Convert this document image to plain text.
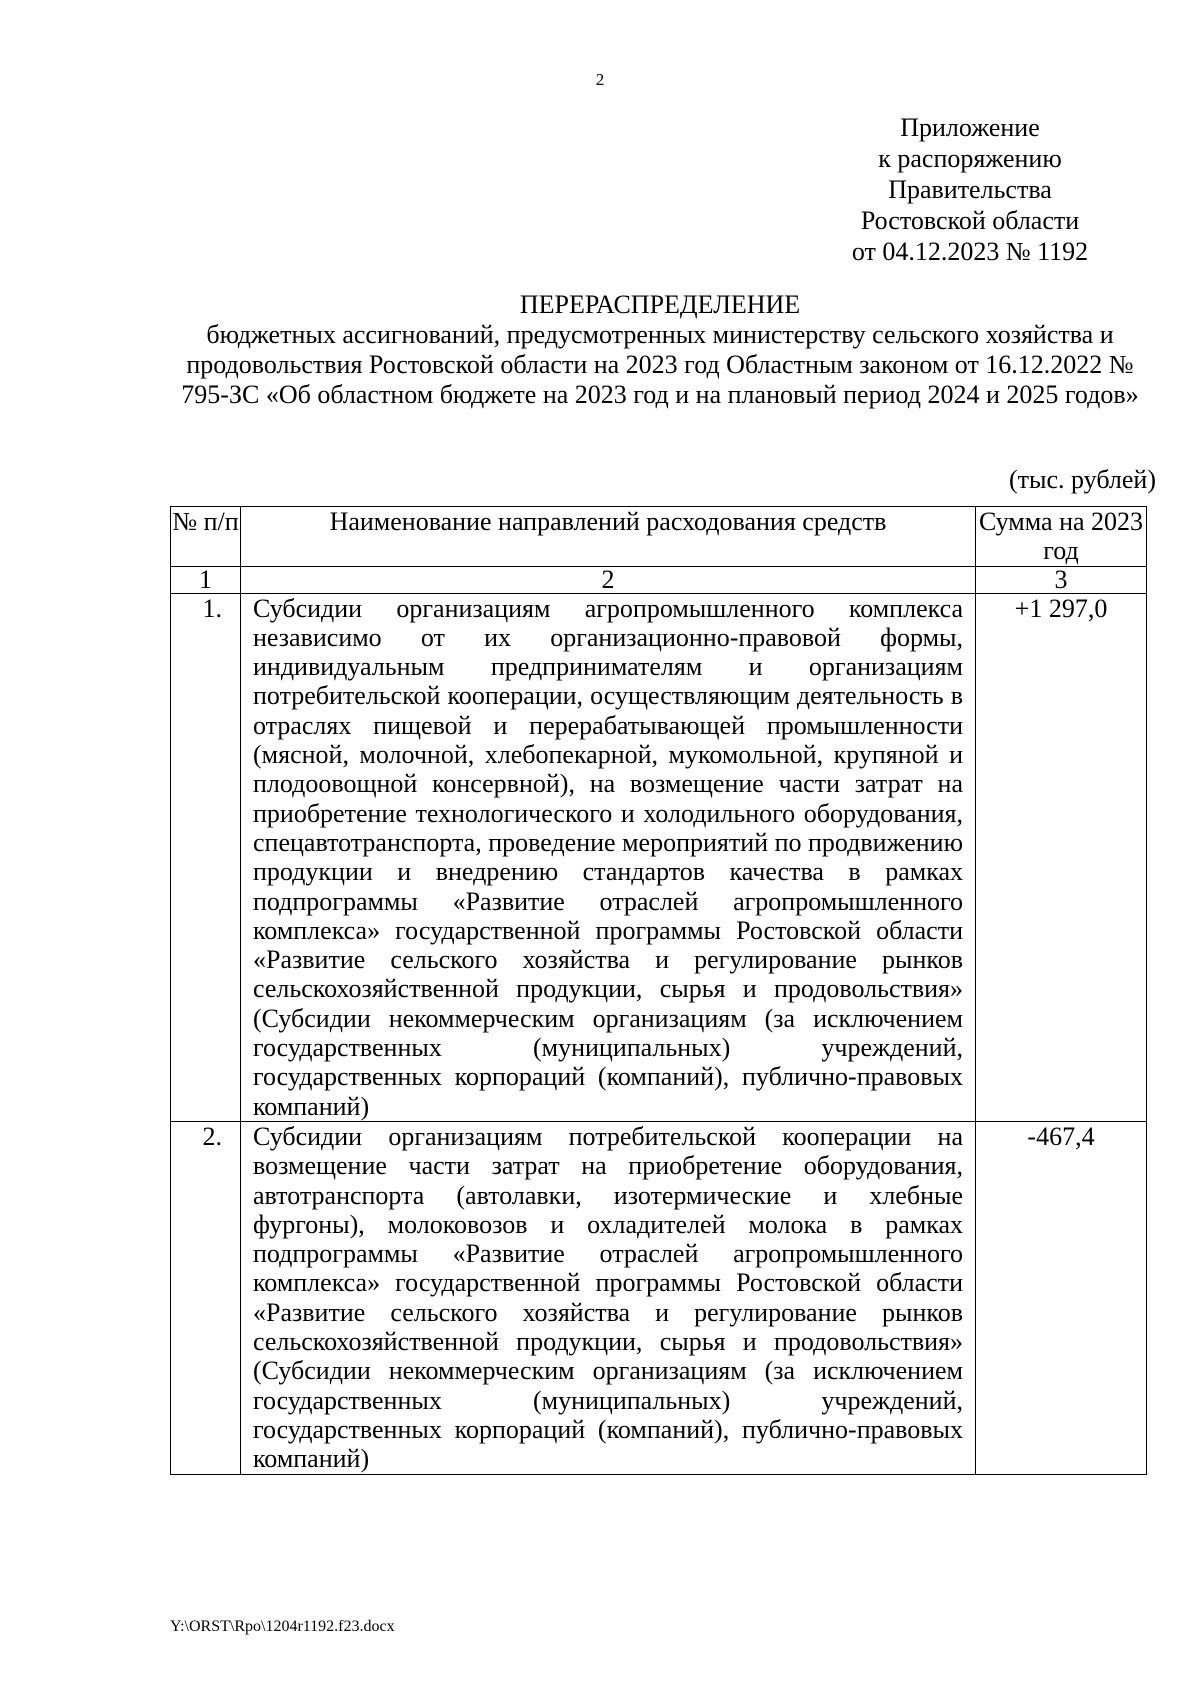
2
Приложение
к распоряжению
Правительства
Ростовской области
от 04.12.2023 № 1192
ПЕРЕРАСПРЕДЕЛЕНИЕ
бюджетных ассигнований, предусмотренных министерству сельского хозяйства и продовольствия Ростовской области на 2023 год Областным законом от 16.12.2022 № 795-ЗС «Об областном бюджете на 2023 год и на плановый период 2024 и 2025 годов»
(тыс. рублей)
№ п/п	Наименование направлений расходования средств	Сумма на 2023 год
1	2	3
1.	Субсидии организациям агропромышленного комплекса независимо от их организационно-правовой формы, индивидуальным предпринимателям и организациям потребительской кооперации, осуществляющим деятельность в отраслях пищевой и перерабатывающей промышленности (мясной, молочной, хлебопекарной, мукомольной, крупяной и плодоовощной консервной), на возмещение части затрат на приобретение технологического и холодильного оборудования, спецавтотранспорта, проведение мероприятий по продвижению продукции и внедрению стандартов качества в рамках подпрограммы «Развитие отраслей агропромышленного комплекса» государственной программы Ростовской области «Развитие сельского хозяйства и регулирование рынков сельскохозяйственной продукции, сырья и продовольствия» (Субсидии некоммерческим организациям (за исключением государственных (муниципальных) учреждений, государственных корпораций (компаний), публично-правовых компаний)	+1 297,0
2.	Субсидии организациям потребительской кооперации на возмещение части затрат на приобретение оборудования, автотранспорта (автолавки, изотермические и хлебные фургоны), молоковозов и охладителей молока в рамках подпрограммы «Развитие отраслей агропромышленного комплекса» государственной программы Ростовской области «Развитие сельского хозяйства и регулирование рынков сельскохозяйственной продукции, сырья и продовольствия» (Субсидии некоммерческим организациям (за исключением государственных (муниципальных) учреждений, государственных корпораций (компаний), публично-правовых компаний)	-467,4
Y:\ORST\Rpo\1204r1192.f23.docx
